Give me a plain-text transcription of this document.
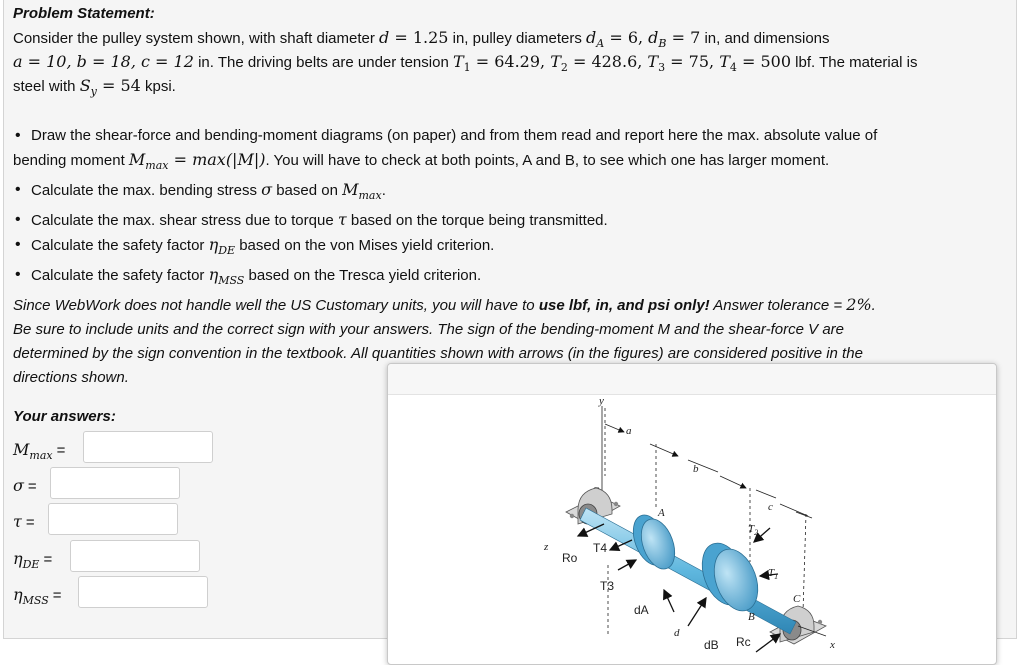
Problem Statement:
Consider the pulley system shown, with shaft diameter d = 1.25 in, pulley diameters $d_A = 6$, $d_B = 7$ in, and dimensions
a = 10, b = 18, c = 12 in. The driving belts are under tension $T_1 = 64.29$, $T_2 = 428.6$, $T_3 = 75$, $T_4 = 500$ lbf. The material is
steel with $S_y = 54$ kpsi.
• Draw the shear-force and bending-moment diagrams (on paper) and from them read and report here the max. absolute value of
bending moment $M_{max} = \max(|M|)$. You will have to check at both points, A and B, to see which one has larger moment.
• Calculate the max. bending stress σ based on $M_{max}$.
• Calculate the max. shear stress due to torque τ based on the torque being transmitted.
• Calculate the safety factor $\eta_{DE}$ based on the von Mises yield criterion.
• Calculate the safety factor $\eta_{MSS}$ based on the Tresca yield criterion.
Since WebWork does not handle well the US Customary units, you will have to use lbf, in, and psi only! Answer tolerance = 2%.
Be sure to include units and the correct sign with your answers. The sign of the bending-moment M and the shear-force V are
determined by the sign convention in the textbook. All quantities shown with arrows (in the figures) are considered positive in the
directions shown.
Your answers:
$M_{max}$ =
σ =
τ =
$\eta_{DE}$ =
$\eta_{MSS}$ =
y
z
x
a
b
c
d
A
B
C
Ro
Rc
T4
T3
$T_2$
$T_1$
dA
dB
